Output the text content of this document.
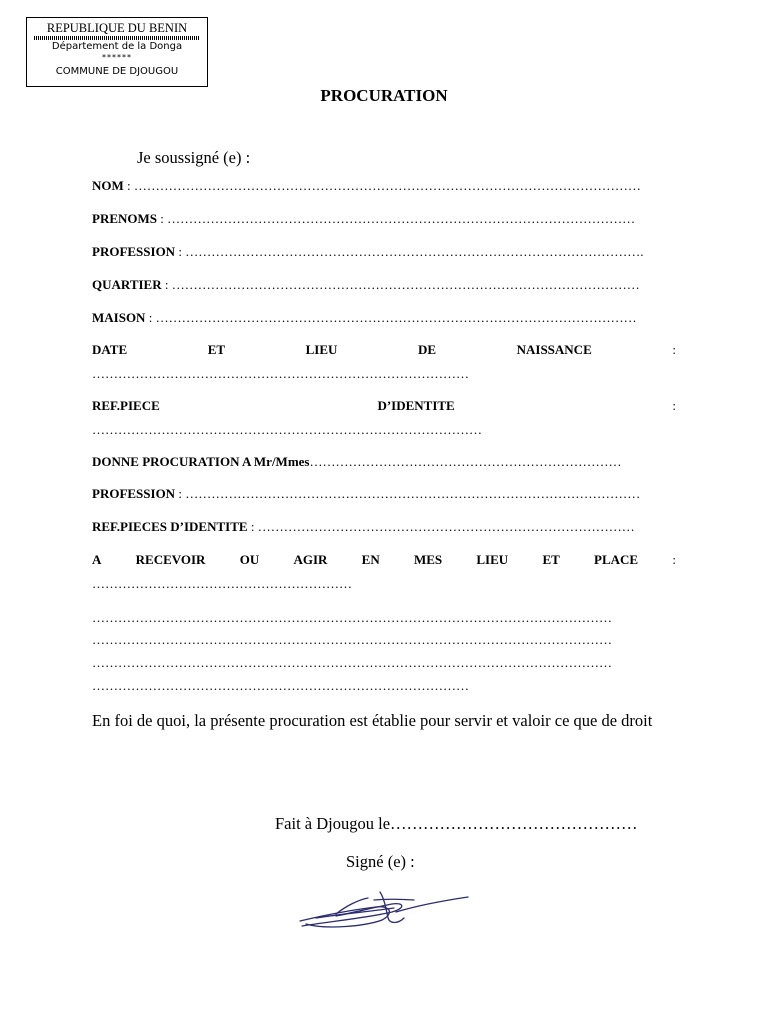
REPUBLIQUE DU BENIN
Département de la Donga
******
COMMUNE DE DJOUGOU
PROCURATION
Je soussigné (e) :
NOM : ………………………………………………………………………………………………………
PRENOMS : ………………………………………………………………………………………………
PROFESSION : …………………………………………………………………………………………….
QUARTIER : ………………………………………………………………………………………………
MAISON : …………………………………………………………………………………………………
DATE	ET	LIEU	DE	NAISSANCE	:
……………………………………………………………………………
REF.PIECE	D’IDENTITE	:
………………………………………………………………………………
DONNE PROCURATION A Mr/Mmes………………………………………………………………
PROFESSION : ……………………………………………………………………………………………
REF.PIECES D’IDENTITE : ……………………………………………………………………………
A	RECEVOIR	OU	AGIR	EN	MES	LIEU	ET	PLACE	:
……………………………………………………
…………………………………………………………………………………………………………
…………………………………………………………………………………………………………
…………………………………………………………………………………………………………
……………………………………………………………………………
En foi de quoi, la présente procuration est établie pour servir et valoir ce que de droit
Fait à Djougou le………………………………………
Signé (e) :
